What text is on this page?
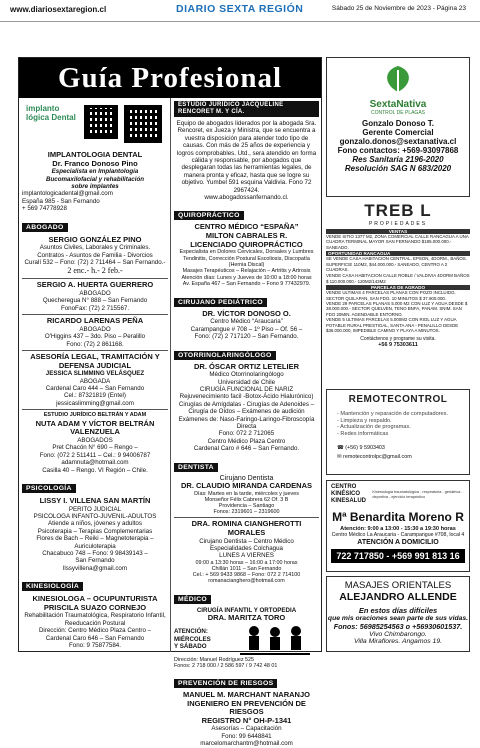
www.diariosextaregion.cl	DIARIO SEXTA REGIÓN	Sábado 25 de Noviembre de 2023 - Página 23
Guía Profesional
implanto lógica Dental
IMPLANTOLOGIA DENTAL
Dr. Franco Donoso Pino
Especialista en Implantología
Bucomaxilofacial y rehabilitación
sobre implantes
implantologicadental@gmail.com
España 985 - San Fernando
+ 569 74778928
ABOGADO
SERGIO GONZÁLEZ PINO
Asuntos Civiles, Laborales y Criminales.
Contratos - Asuntos de Familia - Divorcios
Curalí 532 – Fono: (72) 2 711464 – San Fernando.-
2 enc.- h.- 2 feb.-
SERGIO A. HUERTA GUERRERO
ABOGADO
Quecheregua N° 888 – San Fernando
FonoFax: (72) 2 715567.
RICARDO LARENAS PEÑA
ABOGADO
O'Higgins 437 – 3do. Piso – Peralillo
Fono: (72) 2 861168.
ASESORÍA LEGAL, TRAMITACIÓN Y DEFENSA JUDICIAL
JESSICA SLIMMING VELÁSQUEZ
ABOGADA
Cardenal Caro 444 – San Fernando
Cel.: 87321819 (Entel)
jessicaslimming@gmail.com
ESTUDIO JURÍDICO BELTRÁN Y ADAM
NUTA ADAM Y VÍCTOR BELTRÁN VALENZUELA
ABOGADOS
Pret Chacón N° 690 – Rengo –
Fono: (072 2 511411 – Cel.: 9 94006787
adamnuta@hotmail.com
Casilla 40 – Rengo. VI Región – Chile.
PSICOLOGÍA
LISSY I. VILLENA SAN MARTÍN
PERITO JUDICIAL
PSICOLOGA INFANTO-JUVENIL-ADULTOS
Atiende a niños, jóvenes y adultos
Psicoterapia – Terapias Complementarias
Flores de Bach – Reiki – Magnetoterapia –
Auriculoterapia
Chacabuco 748 – Fono: 9 98439143 –
San Fernando
llssyvillena@gmail.com
KINESIOLOGÍA
KINESIOLOGA – OCUPUNTURISTA
PRISCILA SUAZO CORNEJO
Rehabilitación Traumatológica, Respiratorio Infantil,
Reeducación Postural
Dirección: Centro Médico Plaza Centro –
Cardenal Caro 646 – San Fernando
Fono: 9 75877584.
ESTUDIO JURÍDICO JACQUELINE RENCORET M. Y CÍA.
Equipo de abogados liderados por la abogada Sra. Rencoret, ex Jueza y Ministra, que se encuentra a vuestra disposición para atender todo tipo de causas. Con más de 25 años de experiencia y logros comprobables. Utd., sera atendido en forma cálida y responsable, por abogados que desplegaran todas las herramientas legales, de manera pronta y eficaz, hasta que se logre su objetivo. Yumbel 591 esquina Valdivia. Fono 72 2967424.
www.abogadossanfernando.cl.
QUIROPRÁCTICO
CENTRO MÉDICO “ESPAÑA”
MILTON CABRALES R.
LICENCIADO QUIROPRÁCTICO
Especialista en Dolores Cervicales, Dorsales y Lumbres Tendinitis, Corrección Postural Escoliosis, Discopatía (Hernia Discal)
Masajes Terapéuticos – Relajación – Artritis y Artrosis
Atención días: Lunes y Jueves de 10:00 a 18:00 horas
Av. España 467 – San Fernando – Fono 9 77432979.
CIRUJANO PEDIÁTRICO
DR. VÍCTOR DONOSO O.
Centro Médico “Araucaria”
Carampangue # 708 – 1º Piso – Of. 56 –
Fono: (72) 2 717120 – San Fernando.
OTORRINOLARINGÓLOGO
DR. ÓSCAR ORTIZ LETELIER
Médico Otorrinolaringólogo
Universidad de Chile
CIRUGÍA FUNCIONAL DE NARIZ
Rejuvenecimiento facil -Botox-Ácido Hialurónico)
Cirugías de Amígdalas - Cirugías de Adenoides –
Cirugía de Oídos – Exámenes de audición
Exámenes de: Naso-Faringo-Laringo-Fibroscopía Directa
Fono: 072 2 712065
Centro Médico Plaza Centro
Cardenal Caro # 646 – San Fernando.
DENTISTA
Cirujano Dentista
DR. CLAUDIO MIRANDA CARDENAS
Días: Martes en la tarde, miércoles y jueves
Monseñor Félix Cabrera 62 Of. 3 B
Providencia – Santiago
Fonos: 2319601 – 2319600
DRA. ROMINA CIANGHEROTTI MORALES
Cirujano Dentista – Centro Médico
Especialidades Colchagua
LUNES A VIERNES
09:00 a 13:30 horas – 16:00 a 17:00 horas
Chillán 1011 – San Fernando
Cel.: + 569 9433 9868 – Fono: 072 2 714100
romanacianghero@hotmail.com
MÉDICO
CIRUGÍA INFANTIL Y ORTOPEDIA
DRA. MARITZA TORO
ATENCIÓN:
MIÉRCOLES
Y SÁBADO
Dirección: Manuel Rodríguez 525
Fonos: 2 718 000 / 2 586 597 / 9 742 48 01
PREVENCIÓN DE RIESGOS
MANUEL M. MARCHANT NARANJO
INGENIERO EN PREVENCIÓN DE RIESGOS
REGISTRO N° OH-P-1341
Asesorías – Capacitación
Fono: 99 6448841
marcelomarchantm@hotmail.com
SextaNativa
CONTROL DE PLAGAS
Gonzalo Donoso T.
Gerente Comercial
gonzalo.donos@sextanativa.cl
Fono contactos: +569-93097868
Res Sanitaria 2196-2020
Resolución SAG N 683/2020
TREB L
PROPIEDADES
VENTAS
VENDE SITIO 1377 M2, ZONA COMERCIAL CALLE RANCAGUA A UNA CUADRA TERMINAL MAYOR SAN FERNANDO $185.000.000.- SANEADO.
OPORTUNIDAD RANCAGUA
SE VENDE CASA HABITACION CENTRAL. EPSON, 4DORM., BAÑOS. SUPERFICIE 110M2, $44.000.000.- SANEADO, CENTRO A 2 CUADRAS.
VENDE CASA HABITACION CALLE ROBLE / VALDIVIA 4DORM BAÑOS $ 110.000.000.- 120M2/143M2
PARCELAS DE AGRADO
VENDE ULTIMAS 4 PARCELAS PLANAS CON POZO INCLUIDO, SECTOR QUILAPAN, SAN FDO. 10 MINUTOS $ 37.900.000.
VENDE 29 PARCELAS PLANAS 5.000 M2 CON LUZ Y AGUA DESDE $ 38.000.000.- SECTOR QUELVEN, TENO BNFA, PANAM. SNIM. SAN FDO 20MIN. AGENDABLE ENTORNO.
VENDE 5 ULTIMAS PARCELAS 5.000M2 CON RIOL LUZ Y AGUA POTABLE RURAL PRESTIGAL, SANTA ANA - PENALILLO DESDE $36.000.000, IMPEDIBLE CAMINO Y PLAYA A MINUTOS.
Contáctenos y programe su visita.
+56 9 75303611
REMOTECONTROL
- Mantención y reparación de computadores.
- Limpieza y respaldo.
- Actualización de programas.
- Redes informáticas
☎ (+56) 9 5903403
✉ remotecontrolpc@gmail.com
CENTRO KINÉSICO KINESALUD
Kinesiología traumatológica - respiratoria - geriátrica - deportiva - ejercicio terapéutico
Mª Benardita Moreno R
Atención: 9:00 a 13:00 - 15:30 a 19:30 horas
Centro Médico La Araucaria - Carampangue #708, local 4
ATENCIÓN A DOMICILIO
722 717850 - +569 991 813 16
MASAJES ORIENTALES
ALEJANDRO ALLENDE
En estos días difíciles
que mis oraciones sean parte de sus vidas.
Fonos: 56985254563 o +56930601537.
Vivo Chimbarongo.
Villa Miraflores. Angamos 19.
